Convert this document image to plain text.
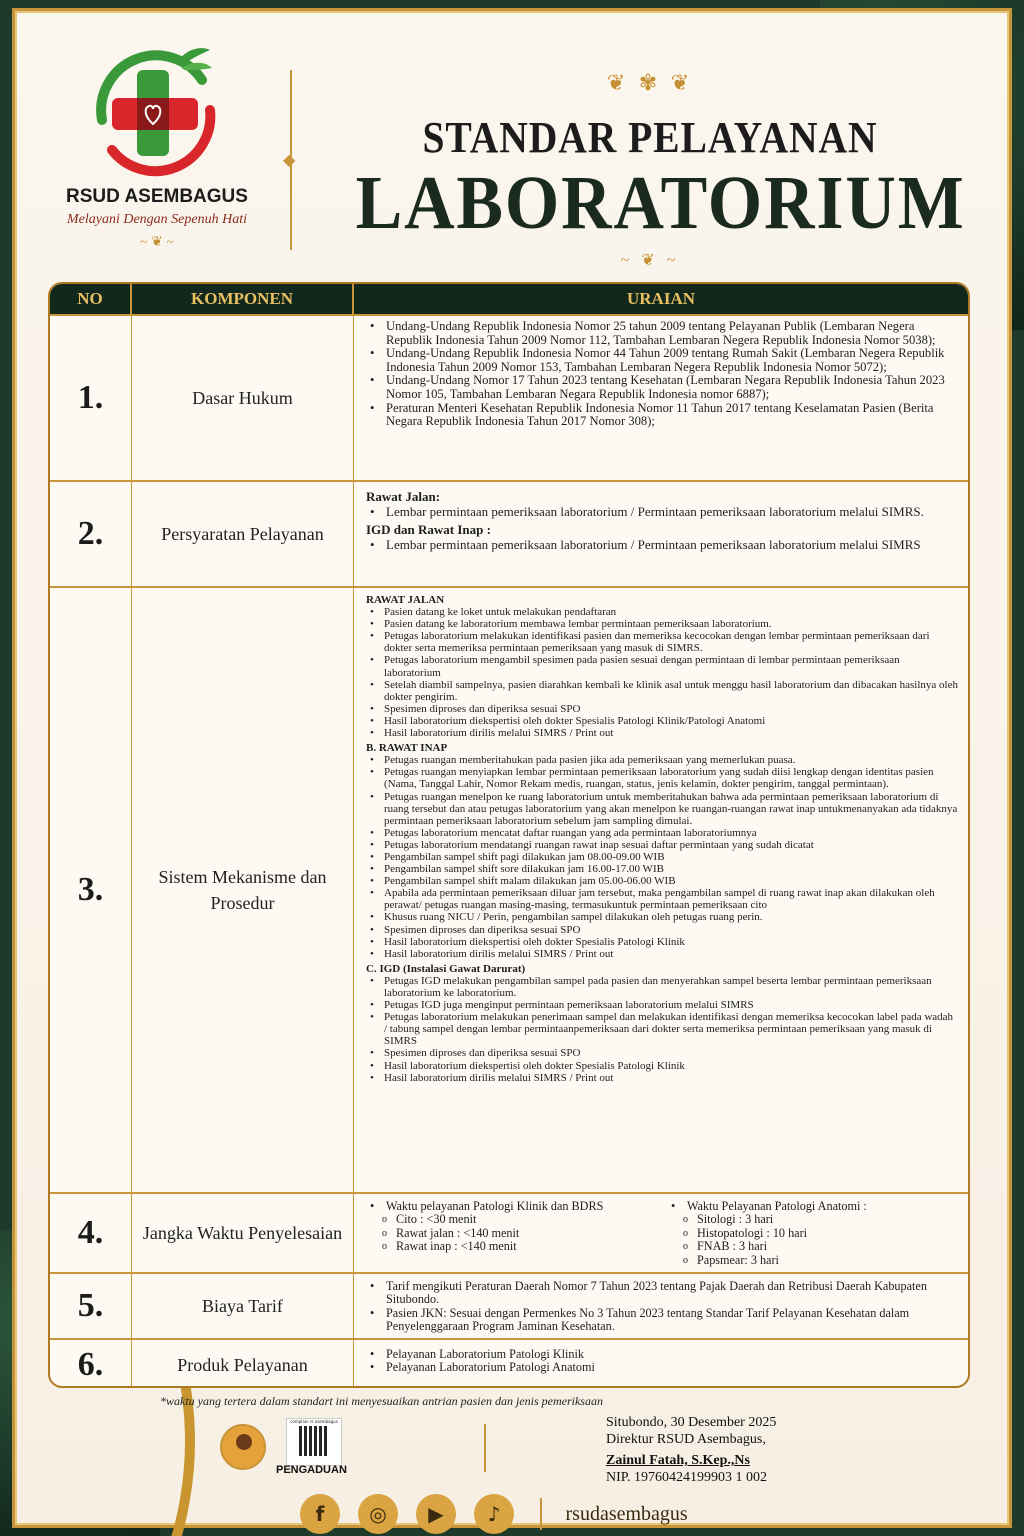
RSUD ASEMBAGUS
Melayani Dengan Sepenuh Hati
~ ❦ ~
◆
❦ ✾ ❦
STANDAR PELAYANAN
LABORATORIUM
~ ❦ ~
NO	KOMPONEN	URAIAN
1.	Dasar Hukum
• Undang-Undang Republik Indonesia Nomor 25 tahun 2009 tentang Pelayanan Publik (Lembaran Negera Republik Indonesia Tahun 2009 Nomor 112, Tambahan Lembaran Negera Republik Indonesia Nomor 5038);
• Undang-Undang Republik Indonesia Nomor 44 Tahun 2009 tentang Rumah Sakit (Lembaran Negera Republik Indonesia Tahun 2009 Nomor 153, Tambahan Lembaran Negera Republik Indonesia Nomor 5072);
• Undang-Undang Nomor 17 Tahun 2023 tentang Kesehatan (Lembaran Negara Republik Indonesia Tahun 2023 Nomor 105, Tambahan Lembaran Negara Republik Indonesia nomor 6887);
• Peraturan Menteri Kesehatan Republik Indonesia Nomor 11 Tahun 2017 tentang Keselamatan Pasien (Berita Negara Republik Indonesia Tahun 2017 Nomor 308);
2.	Persyaratan Pelayanan
Rawat Jalan:
• Lembar permintaan pemeriksaan laboratorium / Permintaan pemeriksaan laboratorium melalui SIMRS.
IGD dan Rawat Inap :
• Lembar permintaan pemeriksaan laboratorium / Permintaan pemeriksaan laboratorium melalui SIMRS
3.	Sistem Mekanisme dan Prosedur
RAWAT JALAN
• Pasien datang ke loket untuk melakukan pendaftaran
• Pasien datang ke laboratorium membawa lembar permintaan pemeriksaan laboratorium.
• Petugas laboratorium melakukan identifikasi pasien dan memeriksa kecocokan dengan lembar permintaan pemeriksaan dari dokter serta memeriksa permintaan pemeriksaan yang masuk di SIMRS.
• Petugas laboratorium mengambil spesimen pada pasien sesuai dengan permintaan di lembar permintaan pemeriksaan laboratorium
• Setelah diambil sampelnya, pasien diarahkan kembali ke klinik asal untuk menggu hasil laboratorium dan dibacakan hasilnya oleh dokter pengirim.
• Spesimen diproses dan diperiksa sesuai SPO
• Hasil laboratorium diekspertisi oleh dokter Spesialis Patologi Klinik/Patologi Anatomi
• Hasil laboratorium dirilis melalui SIMRS / Print out
B. RAWAT INAP
• Petugas ruangan memberitahukan pada pasien jika ada pemeriksaan yang memerlukan puasa.
• Petugas ruangan menyiapkan lembar permintaan pemeriksaan laboratorium yang sudah diisi lengkap dengan identitas pasien (Nama, Tanggal Lahir, Nomor Rekam medis, ruangan, status, jenis kelamin, dokter pengirim, tanggal permintaan).
• Petugas ruangan menelpon ke ruang laboratorium untuk memberitahukan bahwa ada permintaan pemeriksaan laboratorium di ruang tersebut dan atau petugas laboratorium yang akan menelpon ke ruangan-ruangan rawat inap untukmenanyakan ada tidaknya permintaan pemeriksaan laboratorium sebelum jam sampling dimulai.
• Petugas laboratorium mencatat daftar ruangan yang ada permintaan laboratoriumnya
• Petugas laboratorium mendatangi ruangan rawat inap sesuai daftar permintaan yang sudah dicatat
• Pengambilan sampel shift pagi dilakukan jam 08.00-09.00 WIB
• Pengambilan sampel shift sore dilakukan jam 16.00-17.00 WIB
• Pengambilan sampel shift malam dilakukan jam 05.00-06.00 WIB
• Apabila ada permintaan pemeriksaan diluar jam tersebut, maka pengambilan sampel di ruang rawat inap akan dilakukan oleh perawat/ petugas ruangan masing-masing, termasukuntuk permintaan pemeriksaan cito
• Khusus ruang NICU / Perin, pengambilan sampel dilakukan oleh petugas ruang perin.
• Spesimen diproses dan diperiksa sesuai SPO
• Hasil laboratorium diekspertisi oleh dokter Spesialis Patologi Klinik
• Hasil laboratorium dirilis melalui SIMRS / Print out
C. IGD (Instalasi Gawat Darurat)
• Petugas IGD melakukan pengambilan sampel pada pasien dan menyerahkan sampel beserta lembar permintaan pemeriksaan laboratorium ke laboratorium.
• Petugas IGD juga menginput permintaan pemeriksaan laboratorium melalui SIMRS
• Petugas laboratorium melakukan penerimaan sampel dan melakukan identifikasi dengan memeriksa kecocokan label pada wadah / tabung sampel dengan lembar permintaanpemeriksaan dari dokter serta memeriksa permintaan pemeriksaan yang masuk di SIMRS
• Spesimen diproses dan diperiksa sesuai SPO
• Hasil laboratorium diekspertisi oleh dokter Spesialis Patologi Klinik
• Hasil laboratorium dirilis melalui SIMRS / Print out
4.	Jangka Waktu Penyelesaian
• Waktu pelayanan Patologi Klinik dan BDRS
o Cito : <30 menit
o Rawat jalan : <140 menit
o Rawat inap : <140 menit
• Waktu Pelayanan Patologi Anatomi :
o Sitologi : 3 hari
o Histopatologi : 10 hari
o FNAB : 3 hari
o Papsmear: 3 hari
5.	Biaya Tarif
• Tarif mengikuti Peraturan Daerah Nomor 7 Tahun 2023 tentang Pajak Daerah dan Retribusi Daerah Kabupaten Situbondo.
• Pasien JKN: Sesuai dengan Permenkes No 3 Tahun 2023 tentang Standar Tarif Pelayanan Kesehatan dalam Penyelenggaraan Program Jaminan Kesehatan.
6.	Produk Pelayanan
• Pelayanan Laboratorium Patologi Klinik
• Pelayanan Laboratorium Patologi Anatomi
*waktu yang tertera dalam standart ini menyesuaikan antrian pasien dan jenis pemeriksaan
complain rs asembagus
PENGADUAN
Situbondo, 30 Desember 2025
Direktur RSUD Asembagus,
Zainul Fatah, S.Kep.,Ns
NIP. 19760424199903 1 002
f	◎	▶	♪	rsudasembagus
